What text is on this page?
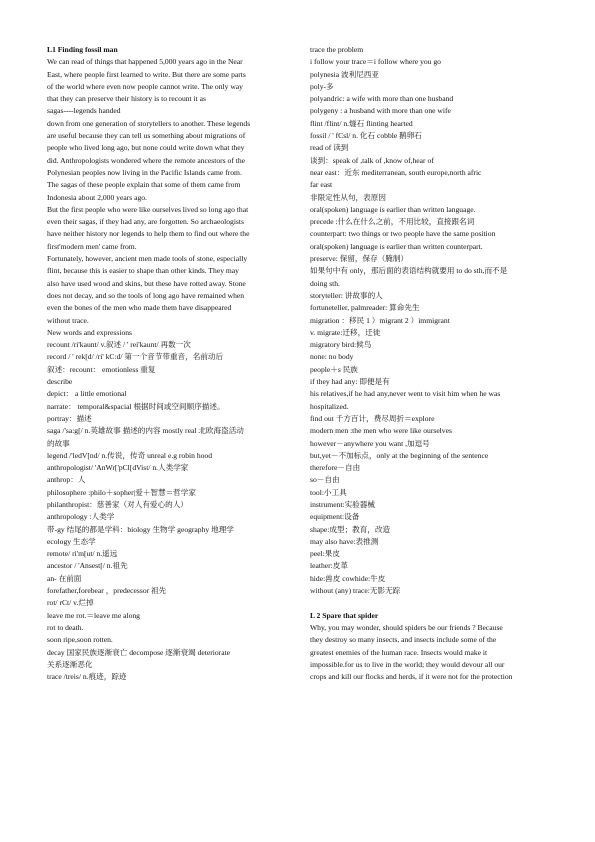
L1 Finding fossil man
We can read of things that happened 5,000 years ago in the Near
East, where people first learned to write. But there are some parts
of the world where even now people cannot write. The only way
that they can preserve their history is to recount it as
sagas----legends handed
down from one generation of storytellers to another. These legends
are useful because they can tell us something about migrations of
people who lived long ago, but none could write down what they
did. Anthropologists wondered where the remote ancestors of the
Polynesian peoples now living in the Pacific Islands came from.
The sagas of these people explain that some of them came from
Indonesia about 2,000 years ago.
But the first people who were like ourselves lived so long ago that
even their sagas, if they had any, are forgotten. So archaeologists
have neither history nor legends to help them to find out where the
first'modern men' came from.
Fortunately, however, ancient men made tools of stone, especially
flint, because this is easier to shape than other kinds. They may
also have used wood and skins, but these have rotted away. Stone
does not decay, and so the tools of long ago have remained when
even the bones of the men who made them have disappeared
without trace.
New words and expressions
recount /ri'kaunt/ v.叙述 / ' rei'kaunt/ 再数一次
record / ' rek[d/ /ri' kC:d/ 第一个音节带重音，名前动后
叙述：recount： emotionless 重复
describe
depict： a little emotional
narrate： temporal&spacial 根据时间或空间顺序描述。
portray：描述
saga /'sa:g[/ n.英雄故事 描述的内容 mostly real 北欧海盗活动
的故事
legend /'ledV[nd/ n.传说，传奇 unreal e.g robin hood
anthropologist/ 'AnWr['pCl[dVist/ n.人类学家
anthrop：人
philosophere :philo＋sopher|爱＋智慧＝哲学家
philanthropist：慈善家（对人有爱心的人）
anthropology :人类学
带-gy 结尾的都是学科：biology 生物学 geography 地理学
ecology 生态学
remote/ ri'm[ut/ n.遥远
ancestor / 'Ansest[/ n.祖先
an- 在前面
forefather,forebear ，predecessor 祖先
rot/ rCt/ v.烂掉
leave me rot.＝leave me along
rot to death.
soon ripe,soon rotten.
decay 国家民族逐渐衰亡 decompose 逐渐衰竭 deteriorate
关系逐渐恶化
trace /treis/ n.痕迹，踪迹
trace the problem
i follow your trace＝i follow where you go
polynesia 波利尼西亚
poly-多
polyandric: a wife with more than one husband
polygeny : a husband with more than one wife
flint /flint/ n.燧石 flinting hearted
fossil / ' fCsl/ n. 化石 cobble 鹅卵石
read of 读到
谈到：speak of ,talk of ,know of,hear of
near east：近东 mediterranean, south europe,north afric
far east
非限定性从句，表原因
oral(spoken) language is earlier than written language.
precede :什么在什么之前，不用比较，直接跟名词
counterpart: two things or two people have the same position
oral(spoken) language is earlier than written counterpart.
preserve: 保留，保存（腌制）
如果句中有 only，那后面的表语结构就要用 to do sth,而不是
doing sth.
storyteller: 讲故事的人
fortuneteller, palmreader: 算命先生
migration ：移民 1 ）migrant 2 ）immigrant
v. migrate:迁移，迁徙
migratory bird:候鸟
none: no body
people＋s 民族
if they had any: 即便是有
his relatives,if he had any,never went to visit him when he was
hospitalized.
find out 千方百计，费尽周折＝explore
modern men :the men who were like ourselves
however－anywhere you want ,加逗号
but,yet－不加标点，only at the beginning of the sentence
therefore－自由
so－自由
tool:小工具
instrument:实验器械
equipment:设备
shape:成型；教育，改造
may also have:表推测
peel:果皮
leather:皮革
hide:兽皮 cowhide:牛皮
without (any) trace:无影无踪
L 2 Spare that spider
Why, you may wonder, should spiders be our friends ? Because
they destroy so many insects, and insects include some of the
greatest enemies of the human race. Insects would make it
impossible.for us to live in the world; they would devour all our
crops and kill our flocks and herds, if it were not for the protection
